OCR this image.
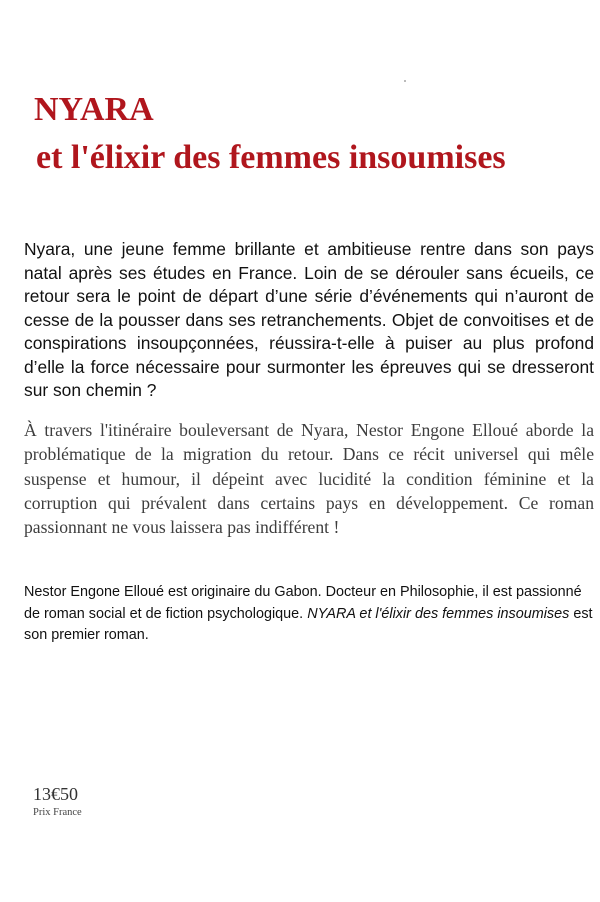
NYARA
et l'élixir des femmes insoumises

Nyara, une jeune femme brillante et ambitieuse rentre dans son pays natal après ses études en France. Loin de se dérouler sans écueils, ce retour sera le point de départ d’une série d’événements qui n’auront de cesse de la pousser dans ses retranchements. Objet de convoitises et de conspirations insoupçonnées, réussira-t-elle à puiser au plus profond d’elle la force nécessaire pour surmonter les épreuves qui se dresseront sur son chemin ?

À travers l'itinéraire bouleversant de Nyara, Nestor Engone Elloué aborde la problématique de la migration du retour. Dans ce récit universel qui mêle suspense et humour, il dépeint avec lucidité la condition féminine et la corruption qui prévalent dans certains pays en développement. Ce roman passionnant ne vous laissera pas indifférent !

Nestor Engone Elloué est originaire du Gabon. Docteur en Philosophie, il est passionné de roman social et de fiction psychologique. NYARA et l'élixir des femmes insoumises est son premier roman.

13€50

Prix France
